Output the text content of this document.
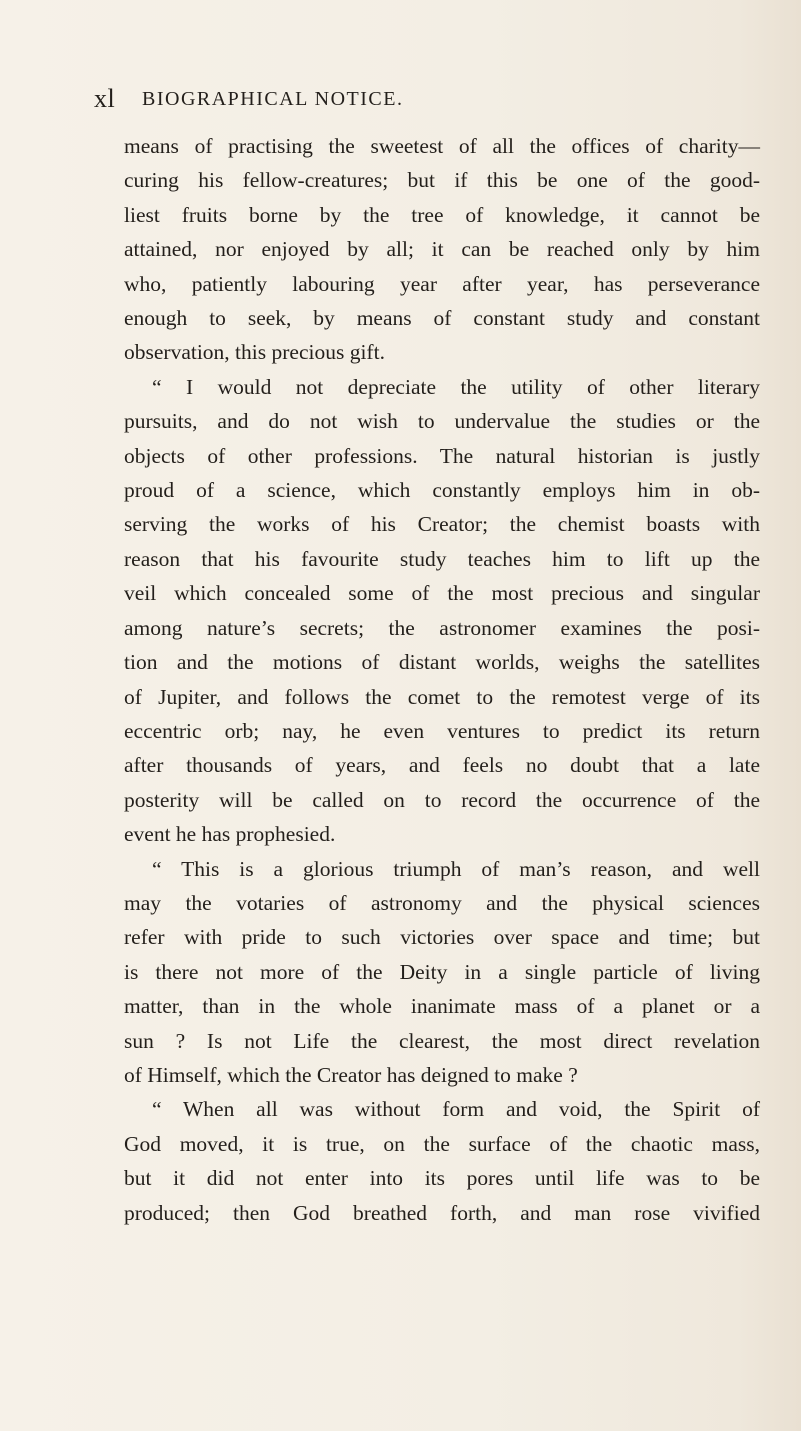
xl BIOGRAPHICAL NOTICE.
means of practising the sweetest of all the offices of charity—
curing his fellow-creatures; but if this be one of the good-
liest fruits borne by the tree of knowledge, it cannot be
attained, nor enjoyed by all; it can be reached only by him
who, patiently labouring year after year, has perseverance
enough to seek, by means of constant study and constant
observation, this precious gift.
“ I would not depreciate the utility of other literary
pursuits, and do not wish to undervalue the studies or the
objects of other professions. The natural historian is justly
proud of a science, which constantly employs him in ob-
serving the works of his Creator; the chemist boasts with
reason that his favourite study teaches him to lift up the
veil which concealed some of the most precious and singular
among nature’s secrets; the astronomer examines the posi-
tion and the motions of distant worlds, weighs the satellites
of Jupiter, and follows the comet to the remotest verge of its
eccentric orb; nay, he even ventures to predict its return
after thousands of years, and feels no doubt that a late
posterity will be called on to record the occurrence of the
event he has prophesied.
“ This is a glorious triumph of man’s reason, and well
may the votaries of astronomy and the physical sciences
refer with pride to such victories over space and time; but
is there not more of the Deity in a single particle of living
matter, than in the whole inanimate mass of a planet or a
sun ? Is not Life the clearest, the most direct revelation
of Himself, which the Creator has deigned to make ?
“ When all was without form and void, the Spirit of
God moved, it is true, on the surface of the chaotic mass,
but it did not enter into its pores until life was to be
produced; then God breathed forth, and man rose vivified
